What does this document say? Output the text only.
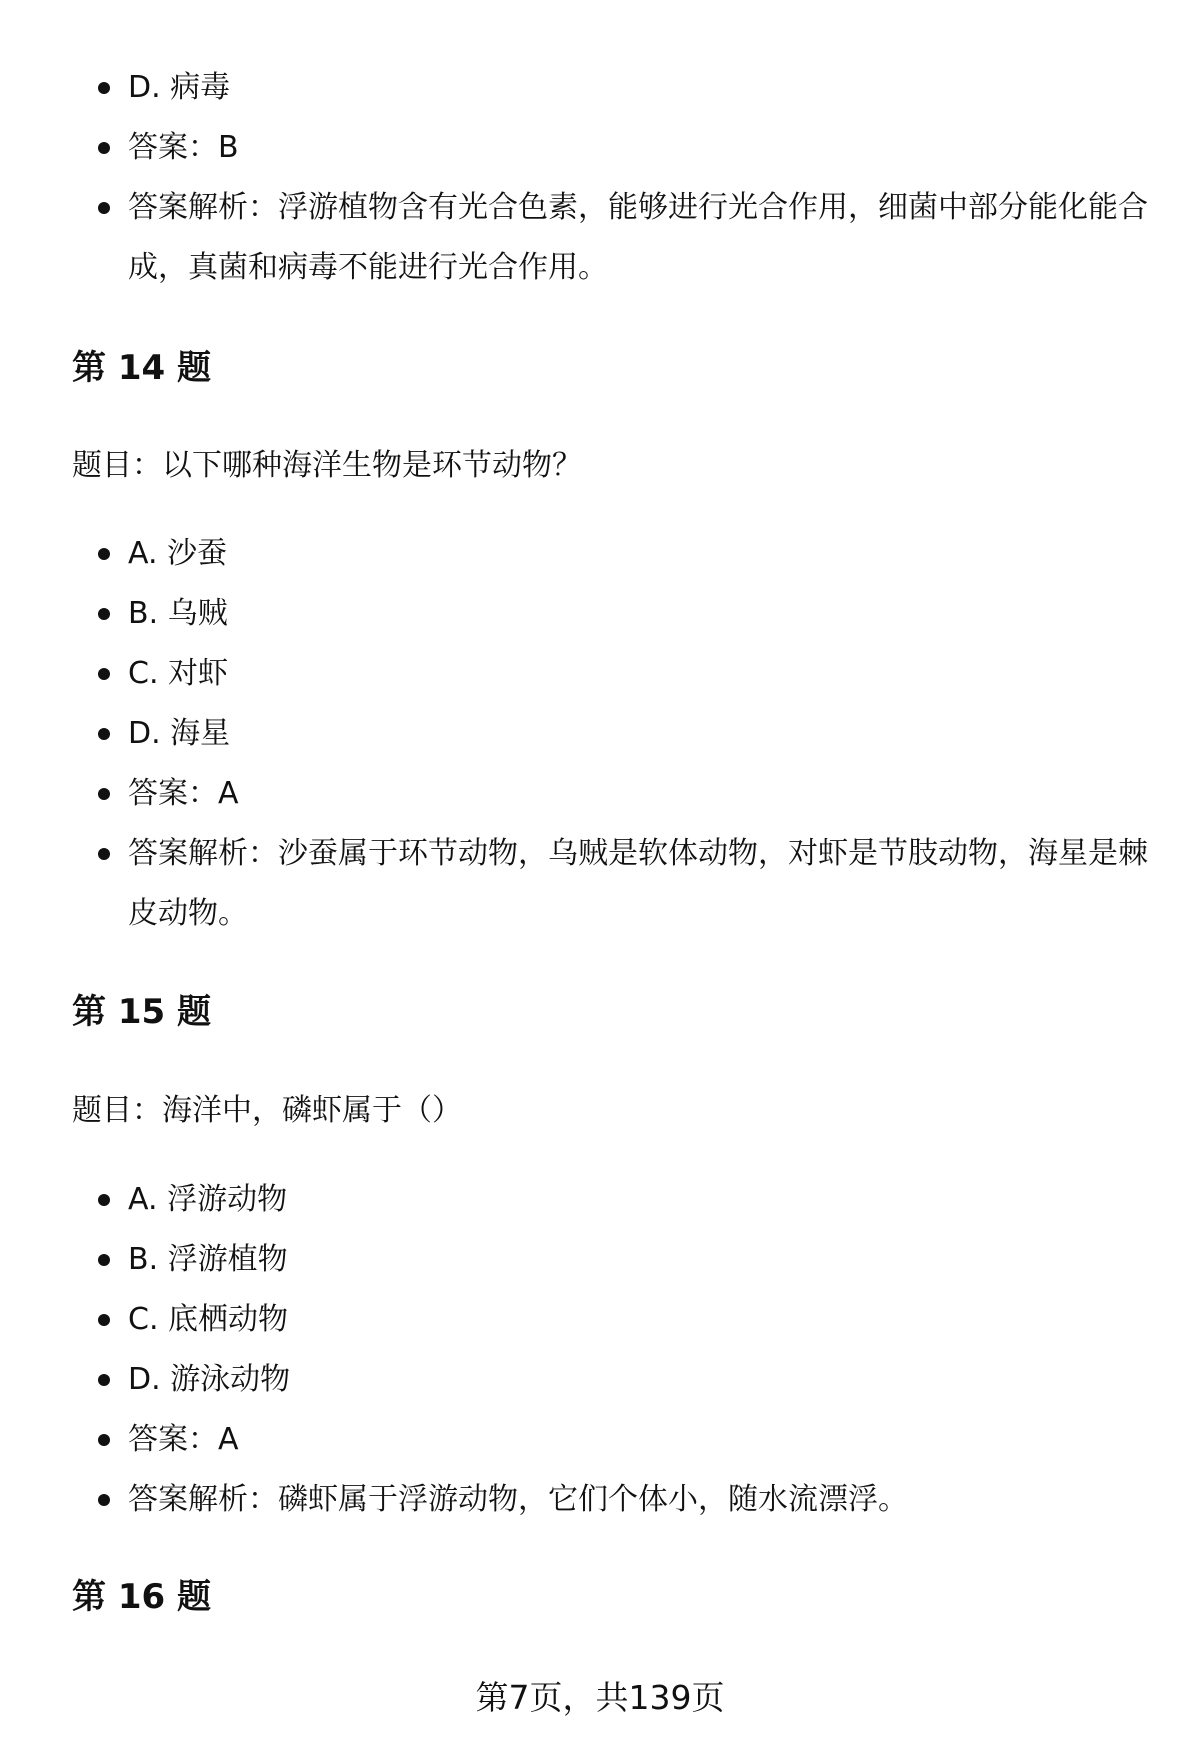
D. 病毒
答案：B
答案解析：浮游植物含有光合色素，能够进行光合作用，细菌中部分能化能合成，真菌和病毒不能进行光合作用。
第 14 题

题目：以下哪种海洋生物是环节动物？

A. 沙蚕
B. 乌贼
C. 对虾
D. 海星
答案：A
答案解析：沙蚕属于环节动物，乌贼是软体动物，对虾是节肢动物，海星是棘皮动物。
第 15 题

题目：海洋中，磷虾属于（）

A. 浮游动物
B. 浮游植物
C. 底栖动物
D. 游泳动物
答案：A
答案解析：磷虾属于浮游动物，它们个体小，随水流漂浮。
第 16 题
第7页，共139页
